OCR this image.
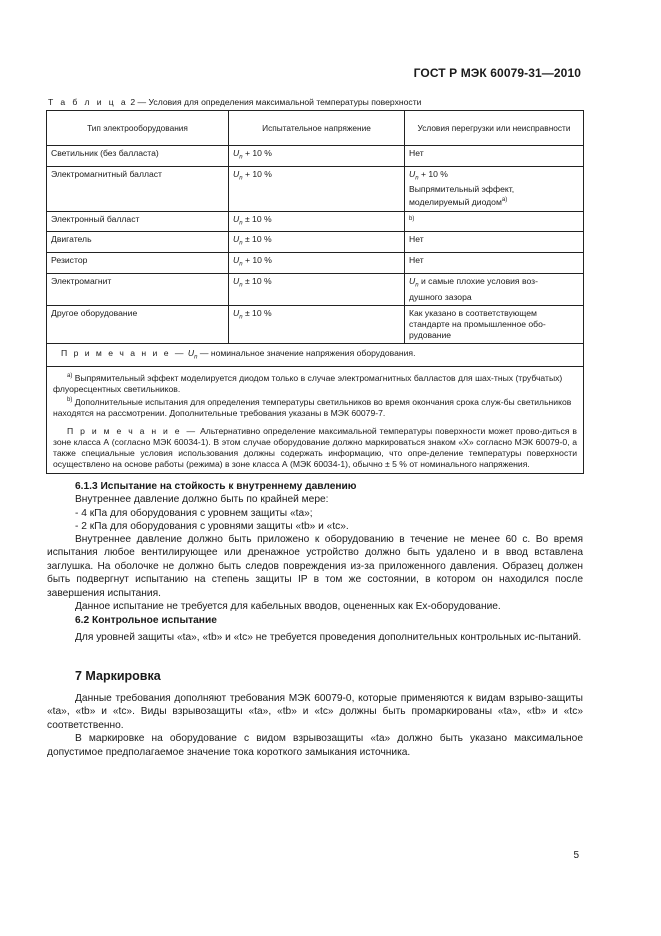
ГОСТ Р МЭК 60079-31—2010
Т а б л и ц а 2 — Условия для определения максимальной температуры поверхности
Тип электрооборудования	Испытательное напряжение	Условия перегрузки или неисправности
Светильник (без балласта)	$U_n + 10$ %	Нет
Электромагнитный балласт	$U_n + 10$ %	$U_n + 10$ %
Выпрямительный эффект,
моделируемый диодом$^{a)}$

Электронный балласт	$U_n \pm 10$ %	$^{b)}$
Двигатель	$U_n \pm 10$ %	Нет
Резистор	$U_n + 10$ %	Нет
Электромагнит	$U_n \pm 10$ %	$U_n$ и самые плохие условия воз-
душного зазора

Другое оборудование	$U_n \pm 10$ %	Как указано в соответствующем
стандарте на промышленное обо-
рудование

П р и м е ч а н и е — $U_n$ — номинальное значение напряжения оборудования.		

$^{a)}$ Выпрямительный эффект моделируется диодом только в случае электромагнитных балластов для шах-тных (трубчатых) флуоресцентных светильников.
$^{b)}$ Дополнительные испытания для определения температуры светильников во время окончания срока служ-бы светильников находятся на рассмотрении. Дополнительные требования указаны в МЭК 60079-7.
П р и м е ч а н и е — Альтернативно определение максимальной температуры поверхности может прово-диться в зоне класса А (согласно МЭК 60034-1). В этом случае оборудование должно маркироваться знаком «X» согласно МЭК 60079-0, а также специальные условия использования должны содержать информацию, что опре-деление температуры поверхности осуществлено на основе работы (режима) в зоне класса А (МЭК 60034-1), обычно ± 5 % от номинального напряжения.		

6.1.3 Испытание на стойкость к внутреннему давлению

Внутреннее давление должно быть по крайней мере:

- 4 кПа для оборудования с уровнем защиты «ta»;

- 2 кПа для оборудования с уровнями защиты «tb» и «tc».

Внутреннее давление должно быть приложено к оборудованию в течение не менее 60 с. Во время испытания любое вентилирующее или дренажное устройство должно быть удалено и в ввод вставлена заглушка. На оболочке не должно быть следов повреждения из-за приложенного давления. Образец должен быть подвергнут испытанию на степень защиты IP в том же состоянии, в котором он находился после завершения испытания.

Данное испытание не требуется для кабельных вводов, оцененных как Ех-оборудование.

6.2 Контрольное испытание

Для уровней защиты «ta», «tb» и «tc» не требуется проведения дополнительных контрольных ис-пытаний.

7 Маркировка

Данные требования дополняют требования МЭК 60079-0, которые применяются к видам взрыво-защиты «ta», «tb» и «tc». Виды взрывозащиты «ta», «tb» и «tc» должны быть промаркированы «ta», «tb» и «tc» соответственно.

В маркировке на оборудование с видом взрывозащиты «ta» должно быть указано максимальное допустимое предполагаемое значение тока короткого замыкания источника.

5
